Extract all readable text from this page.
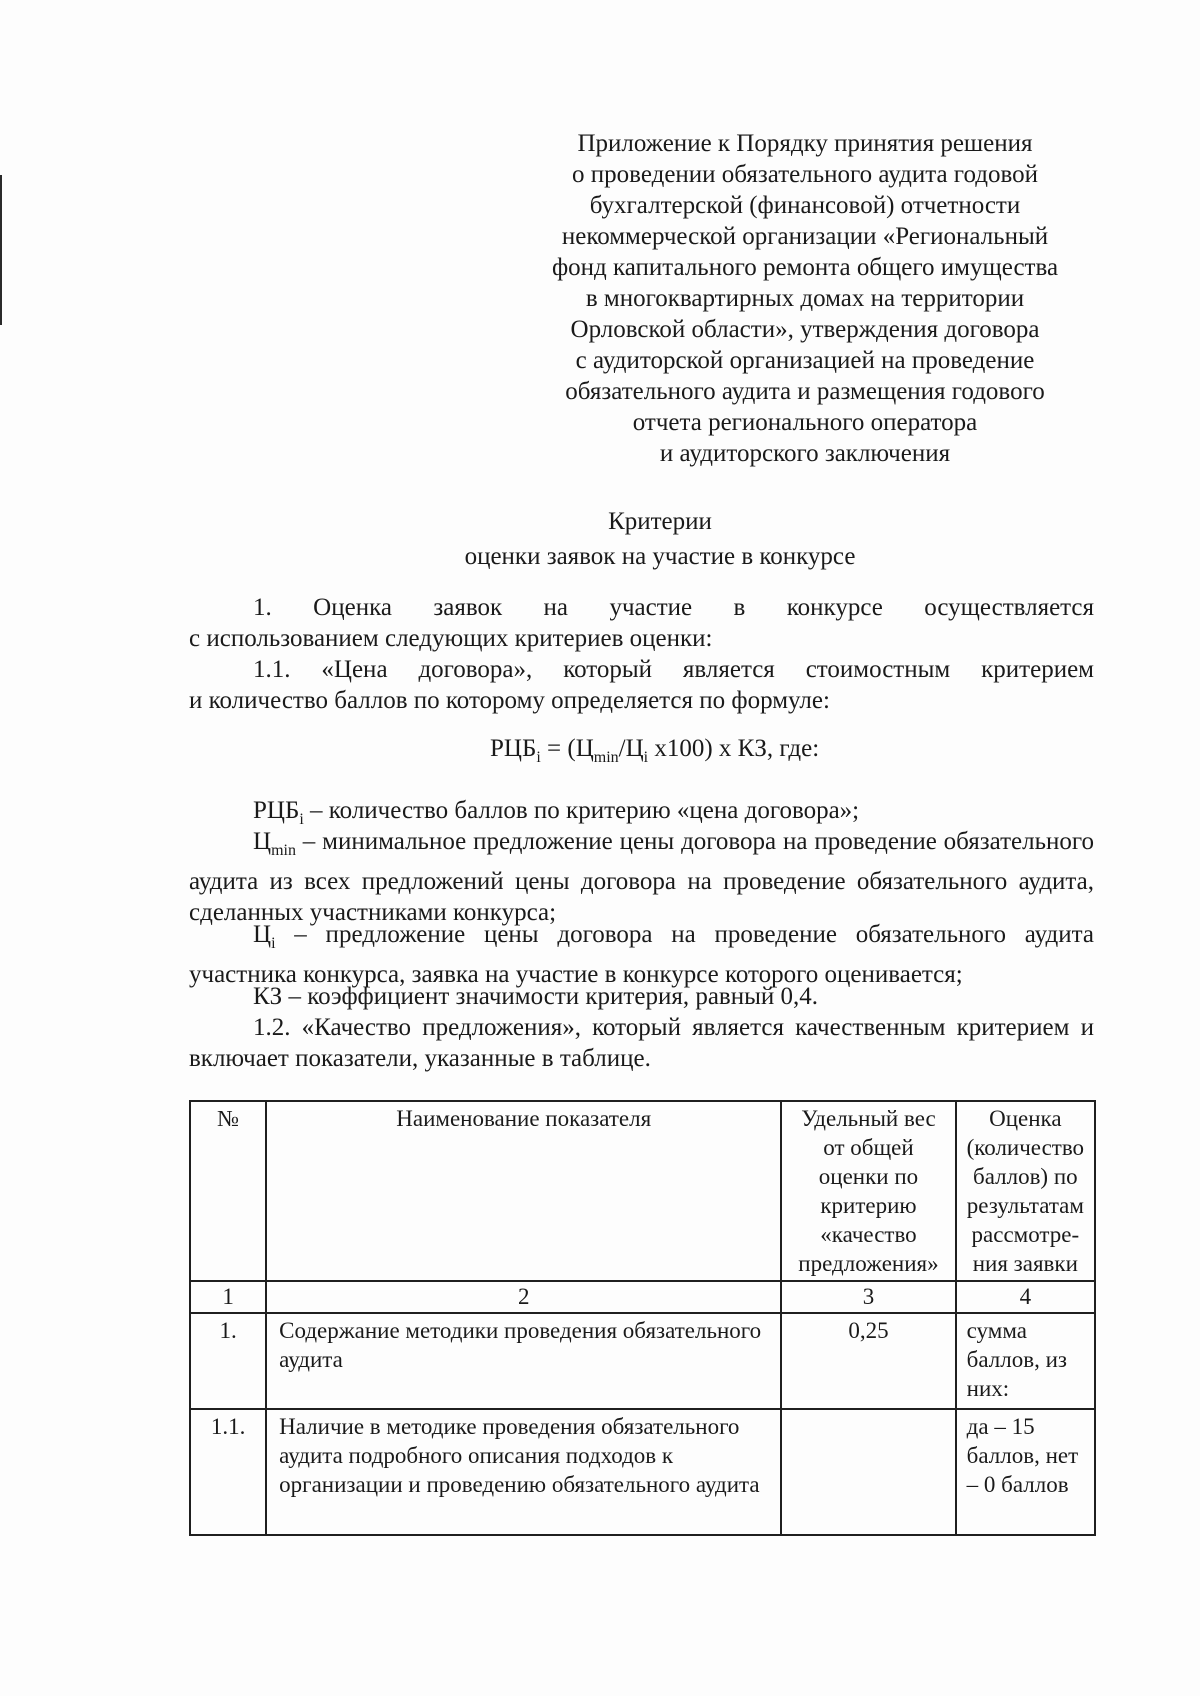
Приложение к Порядку принятия решения
о проведении обязательного аудита годовой
бухгалтерской (финансовой) отчетности
некоммерческой организации «Региональный
фонд капитального ремонта общего имущества
в многоквартирных домах на территории
Орловской области», утверждения договора
с аудиторской организацией на проведение
обязательного аудита и размещения годового
отчета регионального оператора
и аудиторского заключения
Критерии
оценки заявок на участие в конкурсе
1. Оценка заявок на участие в конкурсе осуществляется
с использованием следующих критериев оценки:
1.1. «Цена договора», который является стоимостным критерием
и количество баллов по которому определяется по формуле:
$РЦБ_i = (Ц_{min}/Ц_i$ x100) x КЗ, где:
$РЦБ_i$ – количество баллов по критерию «цена договора»;
$Ц_{min}$ – минимальное предложение цены договора на проведение обязательного аудита из всех предложений цены договора на проведение обязательного аудита, сделанных участниками конкурса;
$Ц_i$ – предложение цены договора на проведение обязательного аудита участника конкурса, заявка на участие в конкурсе которого оценивается;
КЗ – коэффициент значимости критерия, равный 0,4.
1.2. «Качество предложения», который является качественным критерием и включает показатели, указанные в таблице.
№	Наименование показателя	Удельный вес от общей оценки по критерию «качество предложения»	Оценка (количество баллов) по результатам рассмотре-ния заявки
1	2	3	4
1.	Содержание методики проведения обязательного аудита	0,25	сумма баллов, из них:
1.1.	Наличие в методике проведения обязательного аудита подробного описания подходов к организации и проведению обязательного аудита		да – 15 баллов, нет – 0 баллов
